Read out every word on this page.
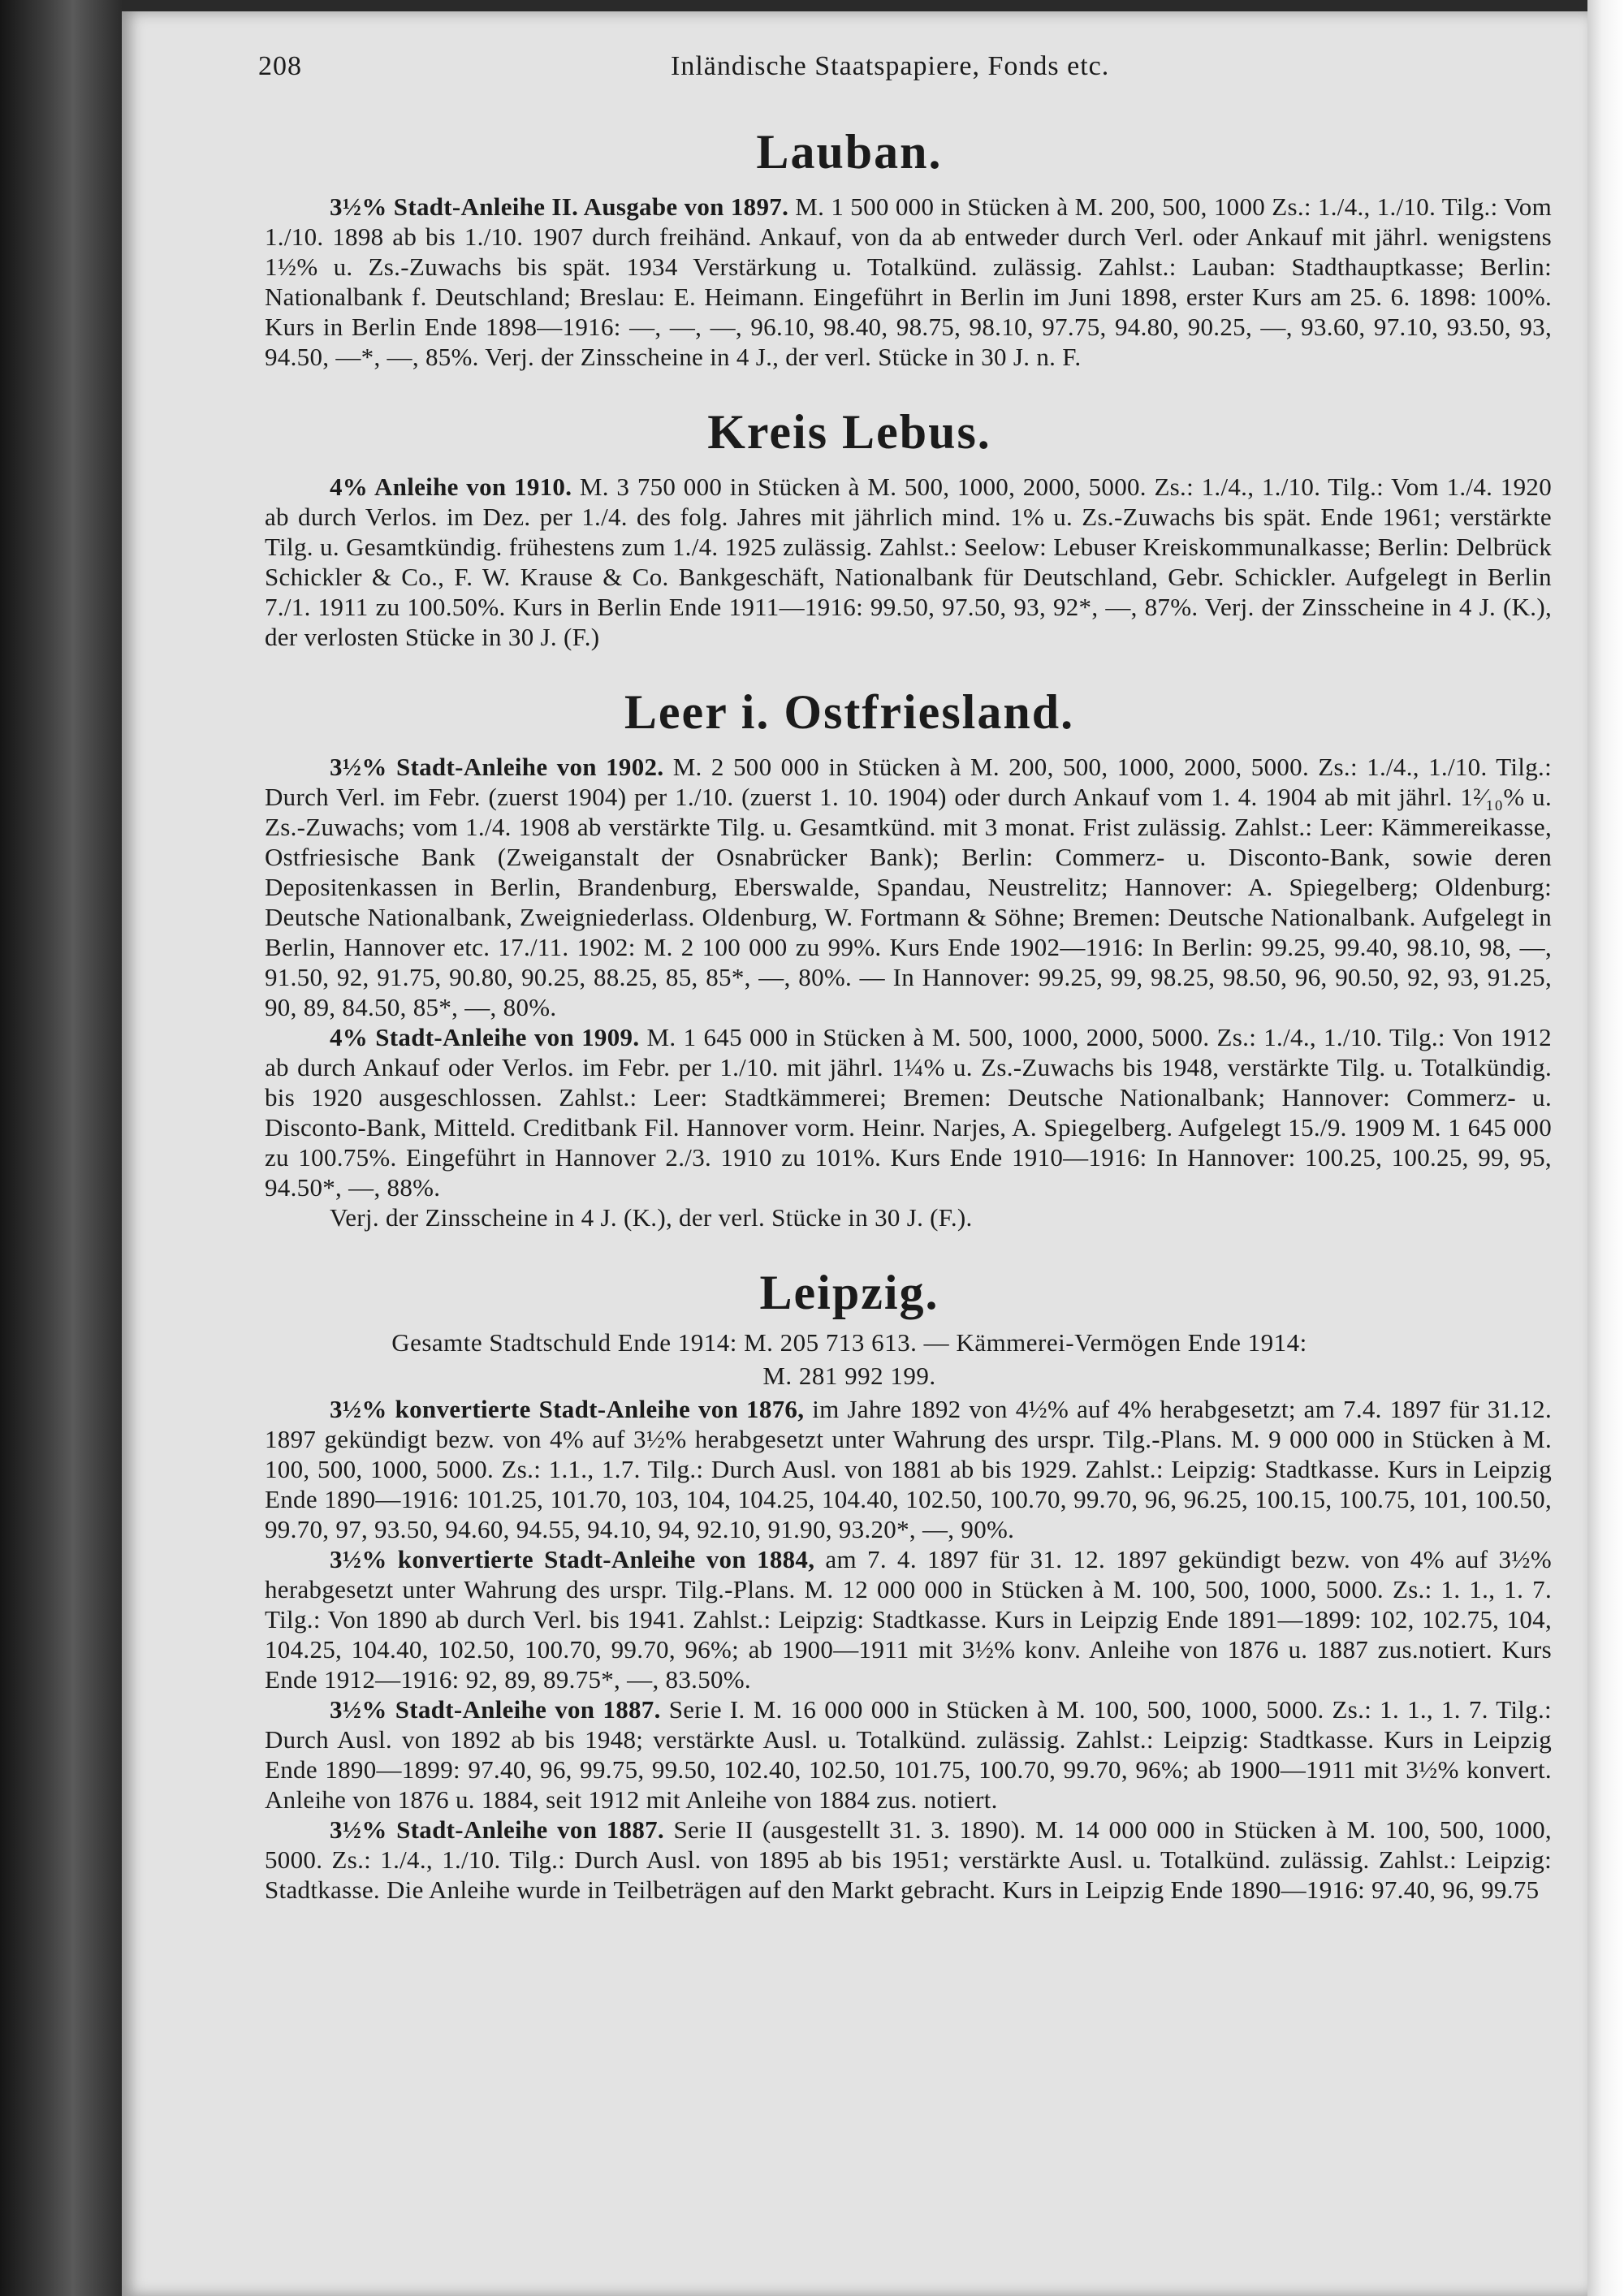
208	Inländische Staatspapiere, Fonds etc.
Lauban.

3½% Stadt-Anleihe II. Ausgabe von 1897. M. 1 500 000 in Stücken à M. 200, 500, 1000 Zs.: 1./4., 1./10. Tilg.: Vom 1./10. 1898 ab bis 1./10. 1907 durch freihänd. Ankauf, von da ab entweder durch Verl. oder Ankauf mit jährl. wenigstens 1½% u. Zs.-Zuwachs bis spät. 1934 Verstärkung u. Totalkünd. zulässig. Zahlst.: Lauban: Stadthauptkasse; Berlin: Nationalbank f. Deutschland; Breslau: E. Heimann. Eingeführt in Berlin im Juni 1898, erster Kurs am 25. 6. 1898: 100%. Kurs in Berlin Ende 1898—1916: —, —, —, 96.10, 98.40, 98.75, 98.10, 97.75, 94.80, 90.25, —, 93.60, 97.10, 93.50, 93, 94.50, —*, —, 85%. Verj. der Zinsscheine in 4 J., der verl. Stücke in 30 J. n. F.

Kreis Lebus.

4% Anleihe von 1910. M. 3 750 000 in Stücken à M. 500, 1000, 2000, 5000. Zs.: 1./4., 1./10. Tilg.: Vom 1./4. 1920 ab durch Verlos. im Dez. per 1./4. des folg. Jahres mit jährlich mind. 1% u. Zs.-Zuwachs bis spät. Ende 1961; verstärkte Tilg. u. Gesamtkündig. frühestens zum 1./4. 1925 zulässig. Zahlst.: Seelow: Lebuser Kreiskommunalkasse; Berlin: Delbrück Schickler & Co., F. W. Krause & Co. Bankgeschäft, Nationalbank für Deutschland, Gebr. Schickler. Aufgelegt in Berlin 7./1. 1911 zu 100.50%. Kurs in Berlin Ende 1911—1916: 99.50, 97.50, 93, 92*, —, 87%. Verj. der Zinsscheine in 4 J. (K.), der verlosten Stücke in 30 J. (F.)

Leer i. Ostfriesland.

3½% Stadt-Anleihe von 1902. M. 2 500 000 in Stücken à M. 200, 500, 1000, 2000, 5000. Zs.: 1./4., 1./10. Tilg.: Durch Verl. im Febr. (zuerst 1904) per 1./10. (zuerst 1. 10. 1904) oder durch Ankauf vom 1. 4. 1904 ab mit jährl. 1²⁄₁₀% u. Zs.-Zuwachs; vom 1./4. 1908 ab verstärkte Tilg. u. Gesamtkünd. mit 3 monat. Frist zulässig. Zahlst.: Leer: Kämmereikasse, Ostfriesische Bank (Zweiganstalt der Osnabrücker Bank); Berlin: Commerz- u. Disconto-Bank, sowie deren Depositenkassen in Berlin, Brandenburg, Eberswalde, Spandau, Neustrelitz; Hannover: A. Spiegelberg; Oldenburg: Deutsche Nationalbank, Zweigniederlass. Oldenburg, W. Fortmann & Söhne; Bremen: Deutsche Nationalbank. Aufgelegt in Berlin, Hannover etc. 17./11. 1902: M. 2 100 000 zu 99%. Kurs Ende 1902—1916: In Berlin: 99.25, 99.40, 98.10, 98, —, 91.50, 92, 91.75, 90.80, 90.25, 88.25, 85, 85*, —, 80%. — In Hannover: 99.25, 99, 98.25, 98.50, 96, 90.50, 92, 93, 91.25, 90, 89, 84.50, 85*, —, 80%.

4% Stadt-Anleihe von 1909. M. 1 645 000 in Stücken à M. 500, 1000, 2000, 5000. Zs.: 1./4., 1./10. Tilg.: Von 1912 ab durch Ankauf oder Verlos. im Febr. per 1./10. mit jährl. 1¼% u. Zs.-Zuwachs bis 1948, verstärkte Tilg. u. Totalkündig. bis 1920 ausgeschlossen. Zahlst.: Leer: Stadtkämmerei; Bremen: Deutsche Nationalbank; Hannover: Commerz- u. Disconto-Bank, Mitteld. Creditbank Fil. Hannover vorm. Heinr. Narjes, A. Spiegelberg. Aufgelegt 15./9. 1909 M. 1 645 000 zu 100.75%. Eingeführt in Hannover 2./3. 1910 zu 101%. Kurs Ende 1910—1916: In Hannover: 100.25, 100.25, 99, 95, 94.50*, —, 88%.

Verj. der Zinsscheine in 4 J. (K.), der verl. Stücke in 30 J. (F.).

Leipzig.
Gesamte Stadtschuld Ende 1914: M. 205 713 613. — Kämmerei-Vermögen Ende 1914:
M. 281 992 199.

3½% konvertierte Stadt-Anleihe von 1876, im Jahre 1892 von 4½% auf 4% herabgesetzt; am 7.4. 1897 für 31.12. 1897 gekündigt bezw. von 4% auf 3½% herabgesetzt unter Wahrung des urspr. Tilg.-Plans. M. 9 000 000 in Stücken à M. 100, 500, 1000, 5000. Zs.: 1.1., 1.7. Tilg.: Durch Ausl. von 1881 ab bis 1929. Zahlst.: Leipzig: Stadtkasse. Kurs in Leipzig Ende 1890—1916: 101.25, 101.70, 103, 104, 104.25, 104.40, 102.50, 100.70, 99.70, 96, 96.25, 100.15, 100.75, 101, 100.50, 99.70, 97, 93.50, 94.60, 94.55, 94.10, 94, 92.10, 91.90, 93.20*, —, 90%.

3½% konvertierte Stadt-Anleihe von 1884, am 7. 4. 1897 für 31. 12. 1897 gekündigt bezw. von 4% auf 3½% herabgesetzt unter Wahrung des urspr. Tilg.-Plans. M. 12 000 000 in Stücken à M. 100, 500, 1000, 5000. Zs.: 1. 1., 1. 7. Tilg.: Von 1890 ab durch Verl. bis 1941. Zahlst.: Leipzig: Stadtkasse. Kurs in Leipzig Ende 1891—1899: 102, 102.75, 104, 104.25, 104.40, 102.50, 100.70, 99.70, 96%; ab 1900—1911 mit 3½% konv. Anleihe von 1876 u. 1887 zus.notiert. Kurs Ende 1912—1916: 92, 89, 89.75*, —, 83.50%.

3½% Stadt-Anleihe von 1887. Serie I. M. 16 000 000 in Stücken à M. 100, 500, 1000, 5000. Zs.: 1. 1., 1. 7. Tilg.: Durch Ausl. von 1892 ab bis 1948; verstärkte Ausl. u. Totalkünd. zulässig. Zahlst.: Leipzig: Stadtkasse. Kurs in Leipzig Ende 1890—1899: 97.40, 96, 99.75, 99.50, 102.40, 102.50, 101.75, 100.70, 99.70, 96%; ab 1900—1911 mit 3½% konvert. Anleihe von 1876 u. 1884, seit 1912 mit Anleihe von 1884 zus. notiert.

3½% Stadt-Anleihe von 1887. Serie II (ausgestellt 31. 3. 1890). M. 14 000 000 in Stücken à M. 100, 500, 1000, 5000. Zs.: 1./4., 1./10. Tilg.: Durch Ausl. von 1895 ab bis 1951; verstärkte Ausl. u. Totalkünd. zulässig. Zahlst.: Leipzig: Stadtkasse. Die Anleihe wurde in Teilbeträgen auf den Markt gebracht. Kurs in Leipzig Ende 1890—1916: 97.40, 96, 99.75
